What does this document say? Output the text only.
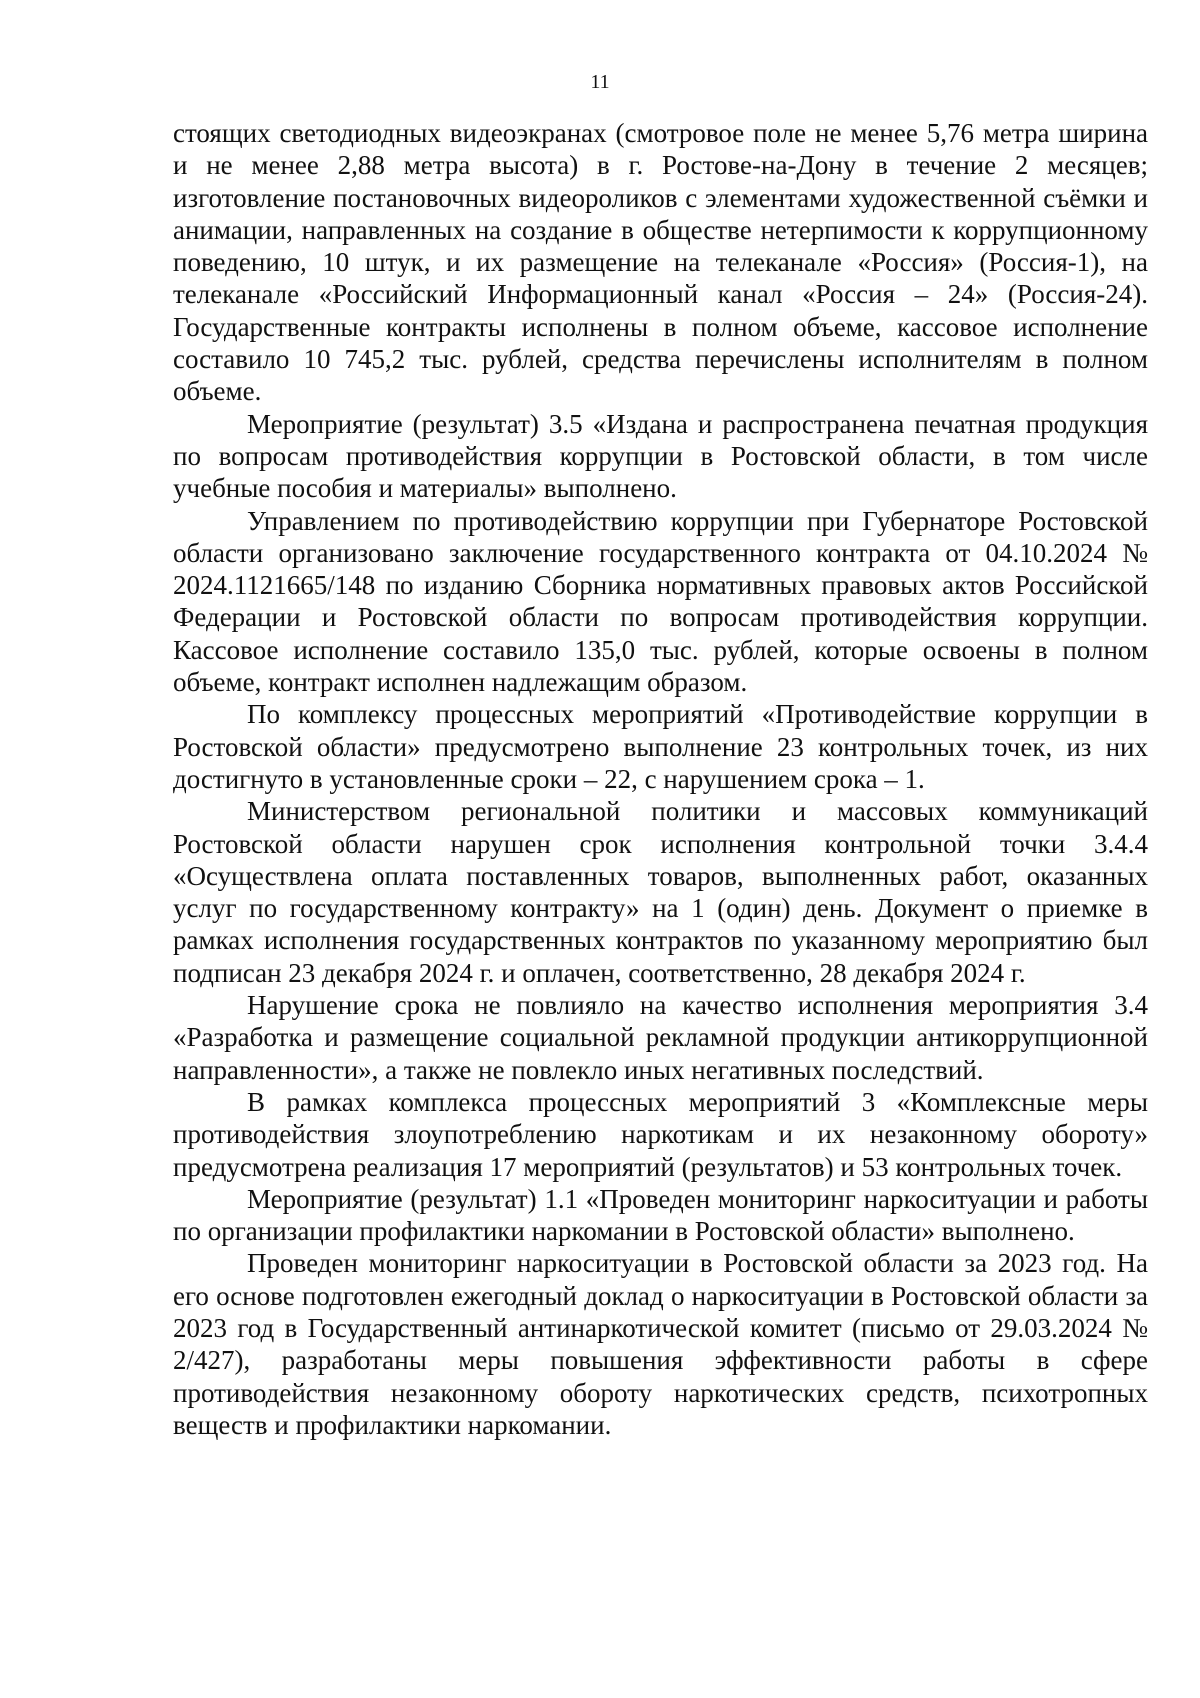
11

стоящих светодиодных видеоэкранах (смотровое поле не менее 5,76 метра ширина и не менее 2,88 метра высота) в г. Ростове-на-Дону в течение 2 месяцев; изготовление постановочных видеороликов с элементами художественной съёмки и анимации, направленных на создание в обществе нетерпимости к коррупционному поведению, 10 штук, и их размещение на телеканале «Россия» (Россия-1), на телеканале «Российский Информационный канал «Россия – 24» (Россия-24). Государственные контракты исполнены в полном объеме, кассовое исполнение составило 10 745,2 тыс. рублей, средства перечислены исполнителям в полном объеме.

Мероприятие (результат) 3.5 «Издана и распространена печатная продукция по вопросам противодействия коррупции в Ростовской области, в том числе учебные пособия и материалы» выполнено.

Управлением по противодействию коррупции при Губернаторе Ростовской области организовано заключение государственного контракта от 04.10.2024 № 2024.1121665/148 по изданию Сборника нормативных правовых актов Российской Федерации и Ростовской области по вопросам противодействия коррупции. Кассовое исполнение составило 135,0 тыс. рублей, которые освоены в полном объеме, контракт исполнен надлежащим образом.

По комплексу процессных мероприятий «Противодействие коррупции в Ростовской области» предусмотрено выполнение 23 контрольных точек, из них достигнуто в установленные сроки – 22, с нарушением срока – 1.

Министерством региональной политики и массовых коммуникаций Ростовской области нарушен срок исполнения контрольной точки 3.4.4 «Осуществлена оплата поставленных товаров, выполненных работ, оказанных услуг по государственному контракту» на 1 (один) день. Документ о приемке в рамках исполнения государственных контрактов по указанному мероприятию был подписан 23 декабря 2024 г. и оплачен, соответственно, 28 декабря 2024 г.

Нарушение срока не повлияло на качество исполнения мероприятия 3.4 «Разработка и размещение социальной рекламной продукции антикоррупционной направленности», а также не повлекло иных негативных последствий.

В рамках комплекса процессных мероприятий 3 «Комплексные меры противодействия злоупотреблению наркотикам и их незаконному обороту» предусмотрена реализация 17 мероприятий (результатов) и 53 контрольных точек.

Мероприятие (результат) 1.1 «Проведен мониторинг наркоситуации и работы по организации профилактики наркомании в Ростовской области» выполнено.

Проведен мониторинг наркоситуации в Ростовской области за 2023 год. На его основе подготовлен ежегодный доклад о наркоситуации в Ростовской области за 2023 год в Государственный антинаркотической комитет (письмо от 29.03.2024 № 2/427), разработаны меры повышения эффективности работы в сфере противодействия незаконному обороту наркотических средств, психотропных веществ и профилактики наркомании.
